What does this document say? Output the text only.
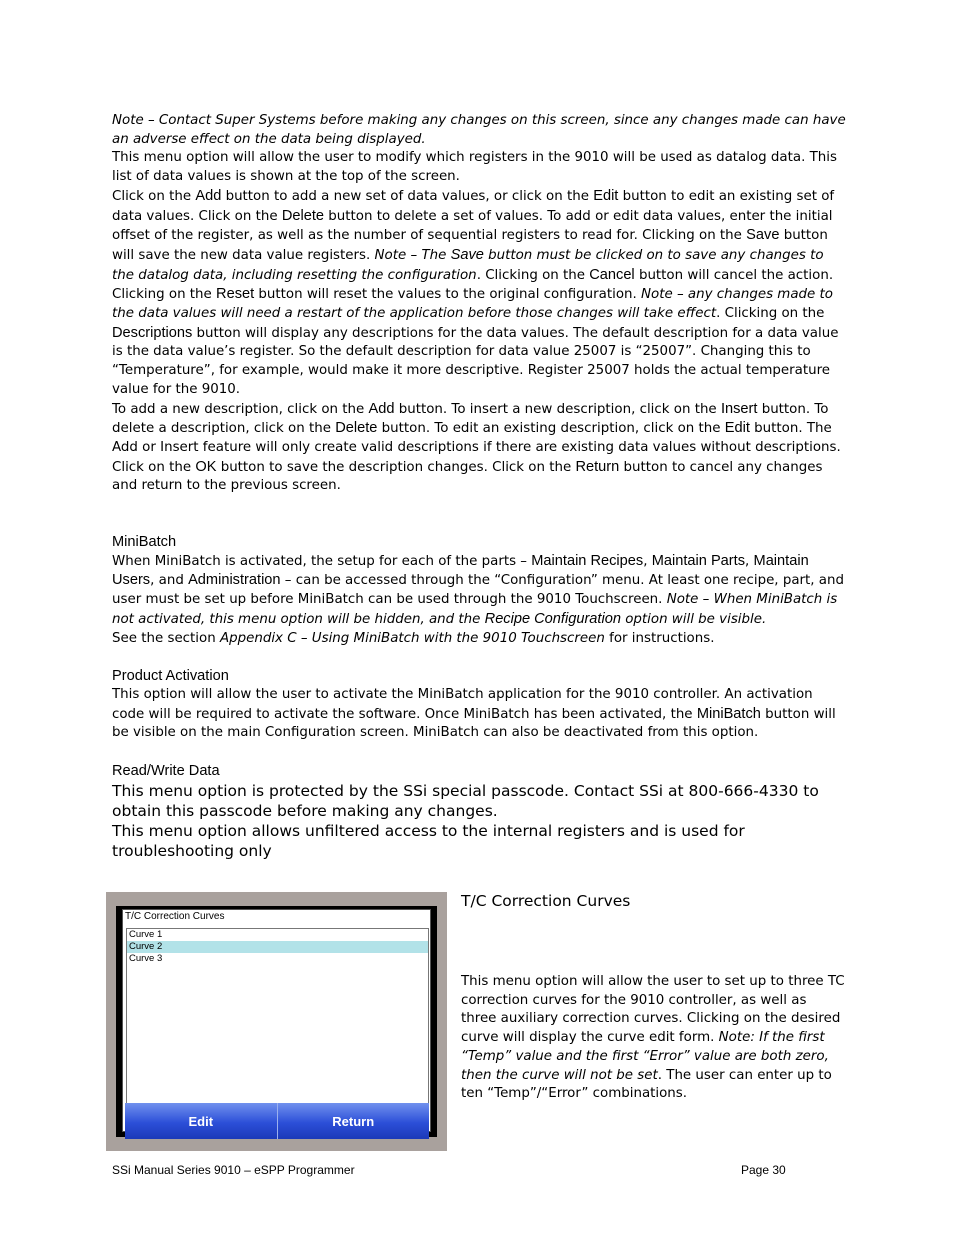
Note – Contact Super Systems before making any changes on this screen, since any changes made can have an adverse effect on the data being displayed.

This menu option will allow the user to modify which registers in the 9010 will be used as datalog data. This list of data values is shown at the top of the screen.

Click on the Add button to add a new set of data values, or click on the Edit button to edit an existing set of data values. Click on the Delete button to delete a set of values. To add or edit data values, enter the initial offset of the register, as well as the number of sequential registers to read for. Clicking on the Save button will save the new data value registers. Note – The Save button must be clicked on to save any changes to the datalog data, including resetting the configuration. Clicking on the Cancel button will cancel the action. Clicking on the Reset button will reset the values to the original configuration. Note – any changes made to the data values will need a restart of the application before those changes will take effect. Clicking on the Descriptions button will display any descriptions for the data values. The default description for a data value is the data value’s register. So the default description for data value 25007 is “25007”. Changing this to “Temperature”, for example, would make it more descriptive. Register 25007 holds the actual temperature value for the 9010.

To add a new description, click on the Add button. To insert a new description, click on the Insert button. To delete a description, click on the Delete button. To edit an existing description, click on the Edit button. The Add or Insert feature will only create valid descriptions if there are existing data values without descriptions. Click on the OK button to save the description changes. Click on the Return button to cancel any changes and return to the previous screen.

MiniBatch

When MiniBatch is activated, the setup for each of the parts – Maintain Recipes, Maintain Parts, Maintain Users, and Administration – can be accessed through the “Configuration” menu. At least one recipe, part, and user must be set up before MiniBatch can be used through the 9010 Touchscreen. Note – When MiniBatch is not activated, this menu option will be hidden, and the Recipe Configuration option will be visible.

See the section Appendix C – Using MiniBatch with the 9010 Touchscreen for instructions.

Product Activation

This option will allow the user to activate the MiniBatch application for the 9010 controller. An activation code will be required to activate the software. Once MiniBatch has been activated, the MiniBatch button will be visible on the main Configuration screen. MiniBatch can also be deactivated from this option.

Read/Write Data

This menu option is protected by the SSi special passcode. Contact SSi at 800-666-4330 to obtain this passcode before making any changes.

This menu option allows unfiltered access to the internal registers and is used for troubleshooting only

T/C Correction Curves
Curve 1
Curve 2
Curve 3
Edit	Return
T/C Correction Curves

This menu option will allow the user to set up to three TC correction curves for the 9010 controller, as well as three auxiliary correction curves. Clicking on the desired curve will display the curve edit form. Note: If the first “Temp” value and the first “Error” value are both zero, then the curve will not be set. The user can enter up to ten “Temp”/“Error” combinations.

SSi Manual Series 9010 – eSPP Programmer	Page 30
